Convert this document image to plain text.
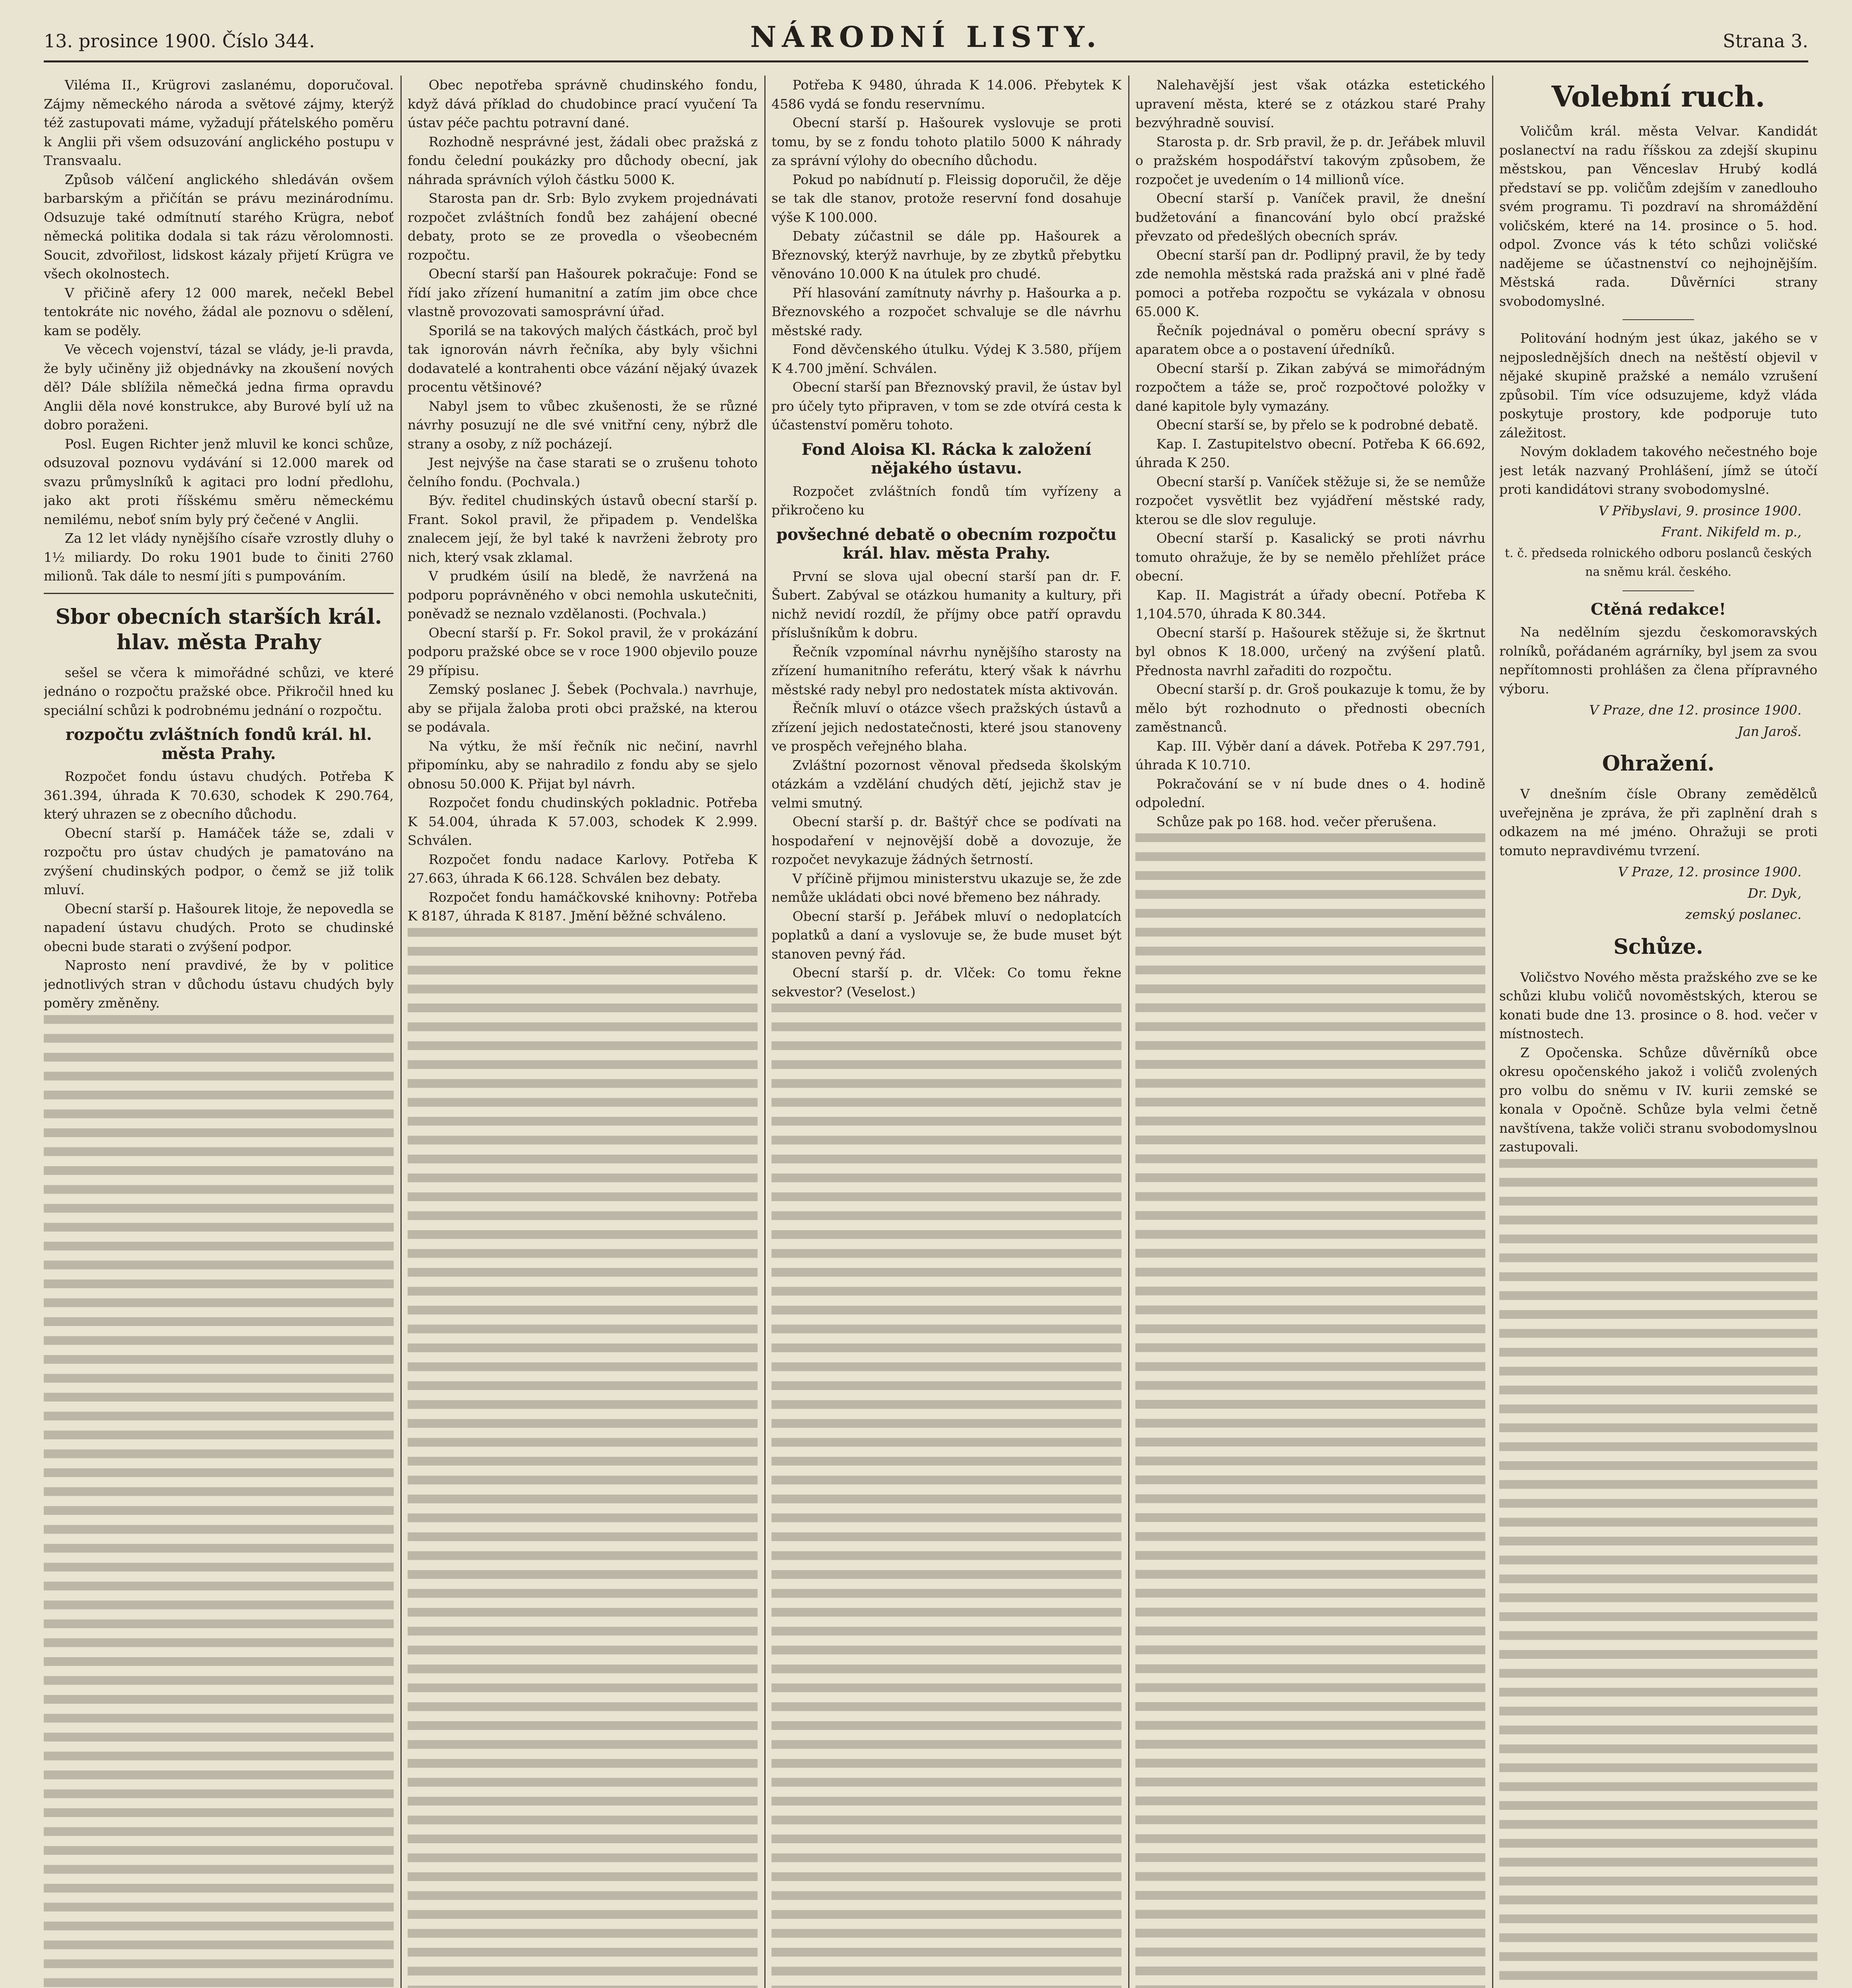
13. prosince 1900. Číslo 344.	NÁRODNÍ LISTY.	Strana 3.

Viléma II., Krügrovi zaslanému, doporučoval. Zájmy německého národa a světové zájmy, kterýž též zastupovati máme, vyžadují přátelského poměru k Anglii při všem odsuzování anglického postupu v Transvaalu.

Způsob válčení anglického shledáván ovšem barbarským a přičítán se právu mezinárodnímu. Odsuzuje také odmítnutí starého Krügra, neboť německá politika dodala si tak rázu věrolomnosti. Soucit, zdvořilost, lidskost kázaly přijetí Krügra ve všech okolnostech.

V přičině afery 12 000 marek, nečekl Bebel tentokráte nic nového, žádal ale poznovu o sdělení, kam se poděly.

Ve věcech vojenství, tázal se vlády, je-li pravda, že byly učiněny již objednávky na zkoušení nových děl? Dále sblížila němečká jedna firma opravdu Anglii děla nové konstrukce, aby Burové bylí už na dobro poraženi.

Posl. Eugen Richter jenž mluvil ke konci schůze, odsuzoval poznovu vydávání si 12.000 marek od svazu průmyslníků k agitaci pro lodní předlohu, jako akt proti říšskému směru německému nemilému, neboť sním byly prý čečené v Anglii.

Za 12 let vlády nynějšího císaře vzrostly dluhy o 1½ miliardy. Do roku 1901 bude to činiti 2760 milionů. Tak dále to nesmí jíti s pumpováním.

Sbor obecních starších král. hlav. města Prahy

sešel se včera k mimořádné schůzi, ve které jednáno o rozpočtu pražské obce. Přikročil hned ku speciální schůzi k podrobnému jednání o rozpočtu.

rozpočtu zvláštních fondů král. hl. města Prahy.

Rozpočet fondu ústavu chudých. Potřeba K 361.394, úhrada K 70.630, schodek K 290.764, který uhrazen se z obecního důchodu.

Obecní starší p. Hamáček táže se, zdali v rozpočtu pro ústav chudých je pamatováno na zvýšení chudinských podpor, o čemž se již tolik mluví.

Obecní starší p. Hašourek litoje, že nepovedla se napadení ústavu chudých. Proto se chudinské obecni bude starati o zvýšení podpor.

Naprosto není pravdivé, že by v politice jednotlivých stran v důchodu ústavu chudých byly poměry změněny.

Obec nepotřeba správně chudinského fondu, když dává příklad do chudobince prací vyučení Ta ústav péče pachtu potravní dané.

Rozhodně nesprávné jest, žádali obec pražská z fondu čelední poukázky pro důchody obecní, jak náhrada správních výloh částku 5000 K.

Starosta pan dr. Srb: Bylo zvykem projednávati rozpočet zvláštních fondů bez zahájení obecné debaty, proto se ze provedla o všeobecném rozpočtu.

Obecní starší pan Hašourek pokračuje: Fond se řídí jako zřízení humanitní a zatím jim obce chce vlastně provozovati samosprávní úřad.

Sporilá se na takových malých částkách, proč byl tak ignorován návrh řečníka, aby byly všichni dodavatelé a kontrahenti obce vázání nějaký úvazek procentu většinové?

Nabyl jsem to vůbec zkušenosti, že se různé návrhy posuzují ne dle své vnitřní ceny, nýbrž dle strany a osoby, z níž pocházejí.

Jest nejvýše na čase starati se o zrušenu tohoto čelního fondu. (Pochvala.)

Býv. ředitel chudinských ústavů obecní starší p. Frant. Sokol pravil, že připadem p. Vendelška znalecem její, že byl také k navrženi žebroty pro nich, který vsak zklamal.

V prudkém úsilí na bledě, že navržená na podporu poprávněného v obci nemohla uskutečniti, poněvadž se neznalo vzdělanosti. (Pochvala.)

Obecní starší p. Fr. Sokol pravil, že v prokázání podporu pražské obce se v roce 1900 objevilo pouze 29 přípisu.

Zemský poslanec J. Šebek (Pochvala.) navrhuje, aby se přijala žaloba proti obci pražské, na kterou se podávala.

Na výtku, že mší řečník nic nečiní, navrhl připomínku, aby se nahradilo z fondu aby se sjelo obnosu 50.000 K. Přijat byl návrh.

Rozpočet fondu chudinských pokladnic. Potřeba K 54.004, úhrada K 57.003, schodek K 2.999. Schválen.

Rozpočet fondu nadace Karlovy. Potřeba K 27.663, úhrada K 66.128. Schválen bez debaty.

Rozpočet fondu hamáčkovské knihovny: Potřeba K 8187, úhrada K 8187. Jmění běžné schváleno.

Potřeba K 9480, úhrada K 14.006. Přebytek K 4586 vydá se fondu reservnímu.

Obecní starší p. Hašourek vyslovuje se proti tomu, by se z fondu tohoto platilo 5000 K náhrady za správní výlohy do obecního důchodu.

Pokud po nabídnutí p. Fleissig doporučil, že děje se tak dle stanov, protože reservní fond dosahuje výše K 100.000.

Debaty zúčastnil se dále pp. Hašourek a Březnovský, kterýž navrhuje, by ze zbytků přebytku věnováno 10.000 K na útulek pro chudé.

Pří hlasování zamítnuty návrhy p. Hašourka a p. Březnovského a rozpočet schvaluje se dle návrhu městské rady.

Fond děvčenského útulku. Výdej K 3.580, příjem K 4.700 jmění. Schválen.

Obecní starší pan Březnovský pravil, že ústav byl pro účely tyto připraven, v tom se zde otvírá cesta k účastenství poměru tohoto.

Fond Aloisa Kl. Rácka k založení nějakého ústavu.

Rozpočet zvláštních fondů tím vyřízeny a přikročeno ku

povšechné debatě o obecním rozpočtu král. hlav. města Prahy.

První se slova ujal obecní starší pan dr. F. Šubert. Zabýval se otázkou humanity a kultury, při nichž nevidí rozdíl, že příjmy obce patří opravdu příslušníkům k dobru.

Řečník vzpomínal návrhu nynějšího starosty na zřízení humanitního referátu, který však k návrhu městské rady nebyl pro nedostatek místa aktivován.

Řečník mluví o otázce všech pražských ústavů a zřízení jejich nedostatečnosti, které jsou stanoveny ve prospěch veřejného blaha.

Zvláštní pozornost věnoval předseda školským otázkám a vzdělání chudých dětí, jejichž stav je velmi smutný.

Obecní starší p. dr. Baštýř chce se podívati na hospodaření v nejnovější době a dovozuje, že rozpočet nevykazuje žádných šetrností.

V příčině přijmou ministerstvu ukazuje se, že zde nemůže ukládati obci nové břemeno bez náhrady.

Obecní starší p. Jeřábek mluví o nedoplatcích poplatků a daní a vyslovuje se, že bude muset být stanoven pevný řád.

Obecní starší p. dr. Vlček: Co tomu řekne sekvestor? (Veselost.)

Nalehavější jest však otázka estetického upravení města, které se z otázkou staré Prahy bezvýhradně souvisí.

Starosta p. dr. Srb pravil, že p. dr. Jeřábek mluvil o pražském hospodářství takovým způsobem, že rozpočet je uvedením o 14 millionů více.

Obecní starší p. Vaníček pravil, že dnešní budžetování a financování bylo obcí pražské převzato od předešlých obecních správ.

Obecní starší pan dr. Podlipný pravil, že by tedy zde nemohla městská rada pražská ani v plné řadě pomoci a potřeba rozpočtu se vykázala v obnosu 65.000 K.

Řečník pojednával o poměru obecní správy s aparatem obce a o postavení úředníků.

Obecní starší p. Zikan zabývá se mimořádným rozpočtem a táže se, proč rozpočtové položky v dané kapitole byly vymazány.

Obecní starší se, by přelo se k podrobné debatě.

Kap. I. Zastupitelstvo obecní. Potřeba K 66.692, úhrada K 250.

Obecní starší p. Vaníček stěžuje si, že se nemůže rozpočet vysvětlit bez vyjádření městské rady, kterou se dle slov reguluje.

Obecní starší p. Kasalický se proti návrhu tomuto ohražuje, že by se nemělo přehlížet práce obecní.

Kap. II. Magistrát a úřady obecní. Potřeba K 1,104.570, úhrada K 80.344.

Obecní starší p. Hašourek stěžuje si, že škrtnut byl obnos K 18.000, určený na zvýšení platů. Přednosta navrhl zařaditi do rozpočtu.

Obecní starší p. dr. Groš poukazuje k tomu, že by mělo být rozhodnuto o přednosti obecních zaměstnanců.

Kap. III. Výběr daní a dávek. Potřeba K 297.791, úhrada K 10.710.

Pokračování se v ní bude dnes o 4. hodině odpolední.

Schůze pak po 168. hod. večer přerušena.

Volební ruch.

Voličům král. města Velvar. Kandidát poslanectví na radu říšskou za zdejší skupinu městskou, pan Věnceslav Hrubý kodlá představí se pp. voličům zdejším v zanedlouho svém programu. Ti pozdraví na shromáždění voličském, které na 14. prosince o 5. hod. odpol. Zvonce vás k této schůzi voličské nadějeme se účastnenství co nejhojnějším. Městská rada. Důvěrníci strany svobodomyslné.

Politování hodným jest úkaz, jakého se v nejposlednějších dnech na neštěstí objevil v nějaké skupině pražské a nemálo vzrušení způsobil. Tím více odsuzujeme, když vláda poskytuje prostory, kde podporuje tuto záležitost.

Novým dokladem takového nečestného boje jest leták nazvaný Prohlášení, jímž se útočí proti kandidátovi strany svobodomyslné.

V Přibyslavi, 9. prosince 1900.
Frant. Nikifeld m. p.,
t. č. předseda rolnického odboru poslanců českých na sněmu král. českého.
Ctěná redakce!

Na nedělním sjezdu českomoravských rolníků, pořádaném agrárníky, byl jsem za svou nepřítomnosti prohlášen za člena přípravného výboru.

V Praze, dne 12. prosince 1900.
Jan Jaroš.
Ohražení.

V dnešním čísle Obrany zemědělců uveřejněna je zpráva, že při zaplnění drah s odkazem na mé jméno. Ohražuji se proti tomuto nepravdivému tvrzení.

V Praze, 12. prosince 1900.
Dr. Dyk,
zemský poslanec.
Schůze.

Voličstvo Nového města pražského zve se ke schůzi klubu voličů novoměstských, kterou se konati bude dne 13. prosince o 8. hod. večer v místnostech.

Z Opočenska. Schůze důvěrníků obce okresu opočenského jakož i voličů zvolených pro volbu do sněmu v IV. kurii zemské se konala v Opočně. Schůze byla velmi četně navštívena, takže voliči stranu svobodomyslnou zastupovali.
